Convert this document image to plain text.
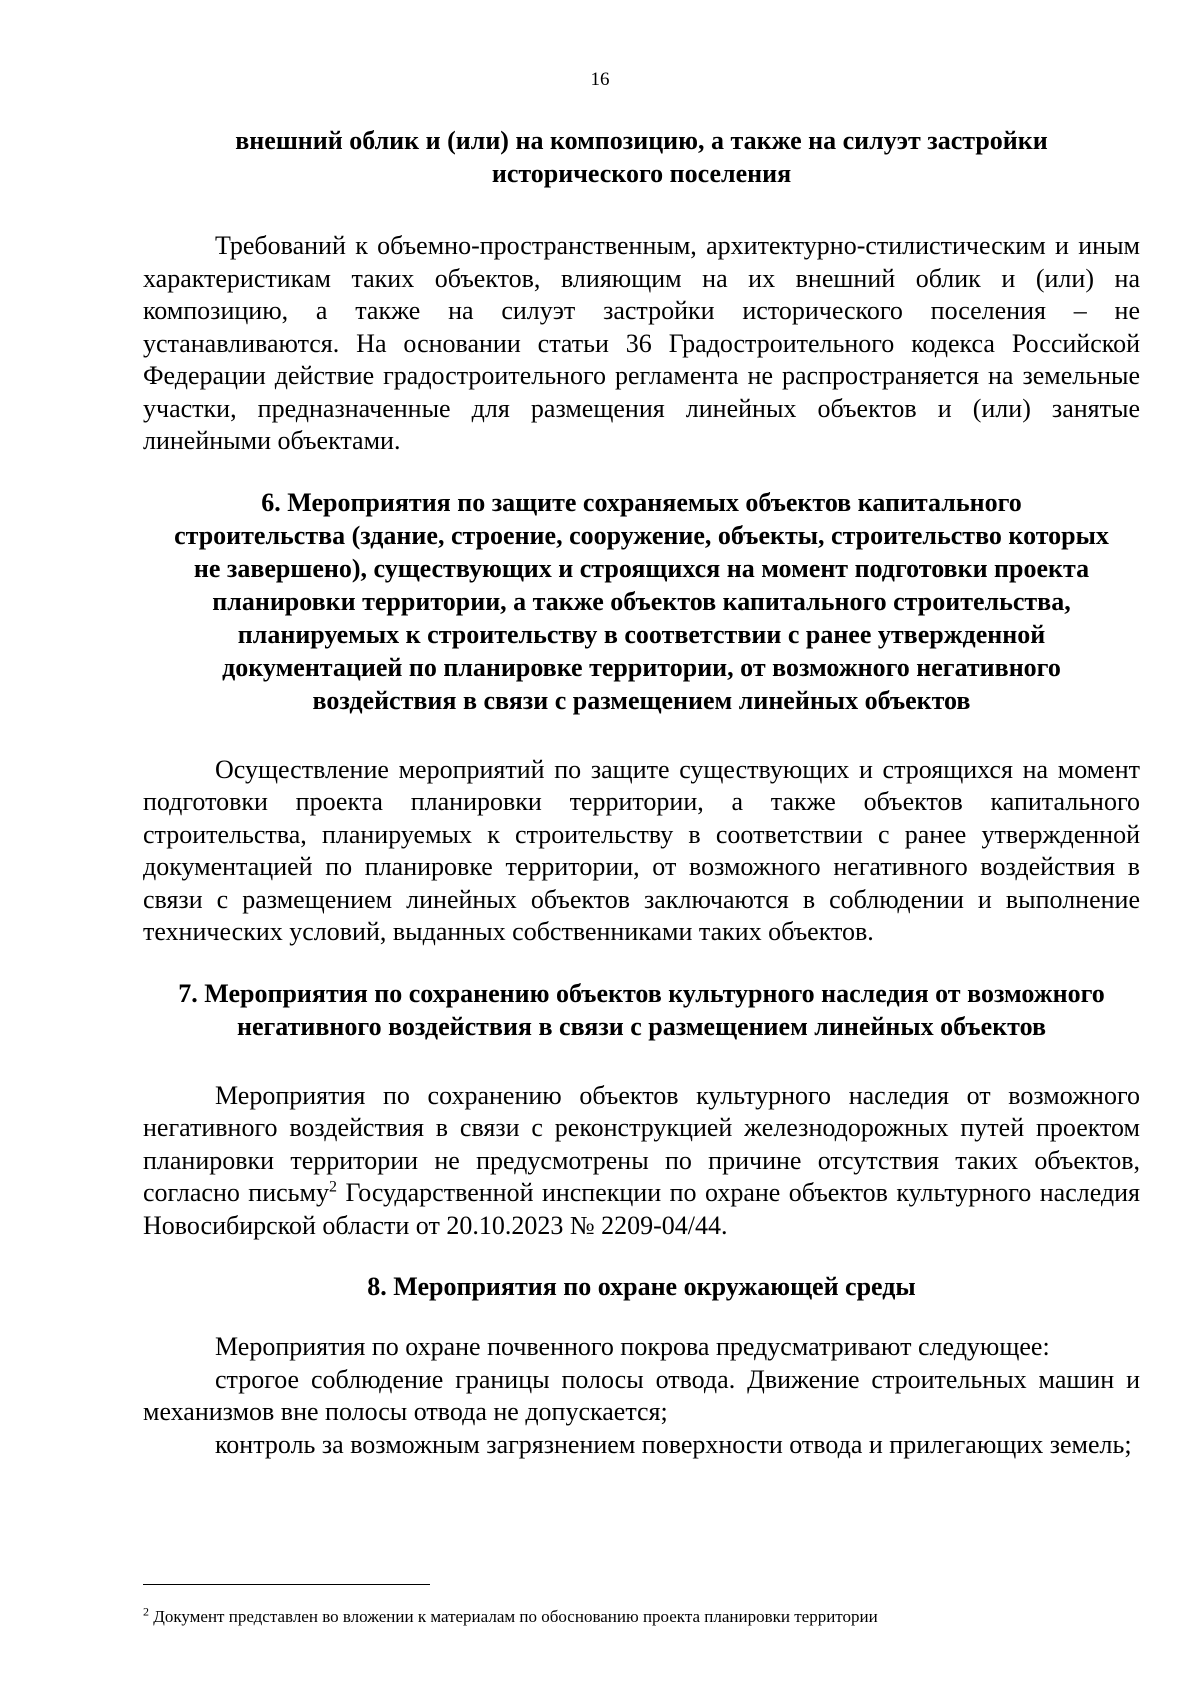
16

внешний облик и (или) на композицию, а также на силуэт застройки исторического поселения

Требований к объемно-пространственным, архитектурно-стилистическим и иным характеристикам таких объектов, влияющим на их внешний облик и (или) на композицию, а также на силуэт застройки исторического поселения – не устанавливаются. На основании статьи 36 Градостроительного кодекса Российской Федерации действие градостроительного регламента не распространяется на земельные участки, предназначенные для размещения линейных объектов и (или) занятые линейными объектами.

6. Мероприятия по защите сохраняемых объектов капитального строительства (здание, строение, сооружение, объекты, строительство которых не завершено), существующих и строящихся на момент подготовки проекта планировки территории, а также объектов капитального строительства, планируемых к строительству в соответствии с ранее утвержденной документацией по планировке территории, от возможного негативного воздействия в связи с размещением линейных объектов

Осуществление мероприятий по защите существующих и строящихся на момент подготовки проекта планировки территории, а также объектов капитального строительства, планируемых к строительству в соответствии с ранее утвержденной документацией по планировке территории, от возможного негативного воздействия в связи с размещением линейных объектов заключаются в соблюдении и выполнение технических условий, выданных собственниками таких объектов.

7. Мероприятия по сохранению объектов культурного наследия от возможного негативного воздействия в связи с размещением линейных объектов

Мероприятия по сохранению объектов культурного наследия от возможного негативного воздействия в связи с реконструкцией железнодорожных путей проектом планировки территории не предусмотрены по причине отсутствия таких объектов, согласно письму$^2$ Государственной инспекции по охране объектов культурного наследия Новосибирской области от 20.10.2023 № 2209-04/44.

8. Мероприятия по охране окружающей среды

Мероприятия по охране почвенного покрова предусматривают следующее:

строгое соблюдение границы полосы отвода. Движение строительных машин и механизмов вне полосы отвода не допускается;

контроль за возможным загрязнением поверхности отвода и прилегающих земель;

$^2$ Документ представлен во вложении к материалам по обоснованию проекта планировки территории
